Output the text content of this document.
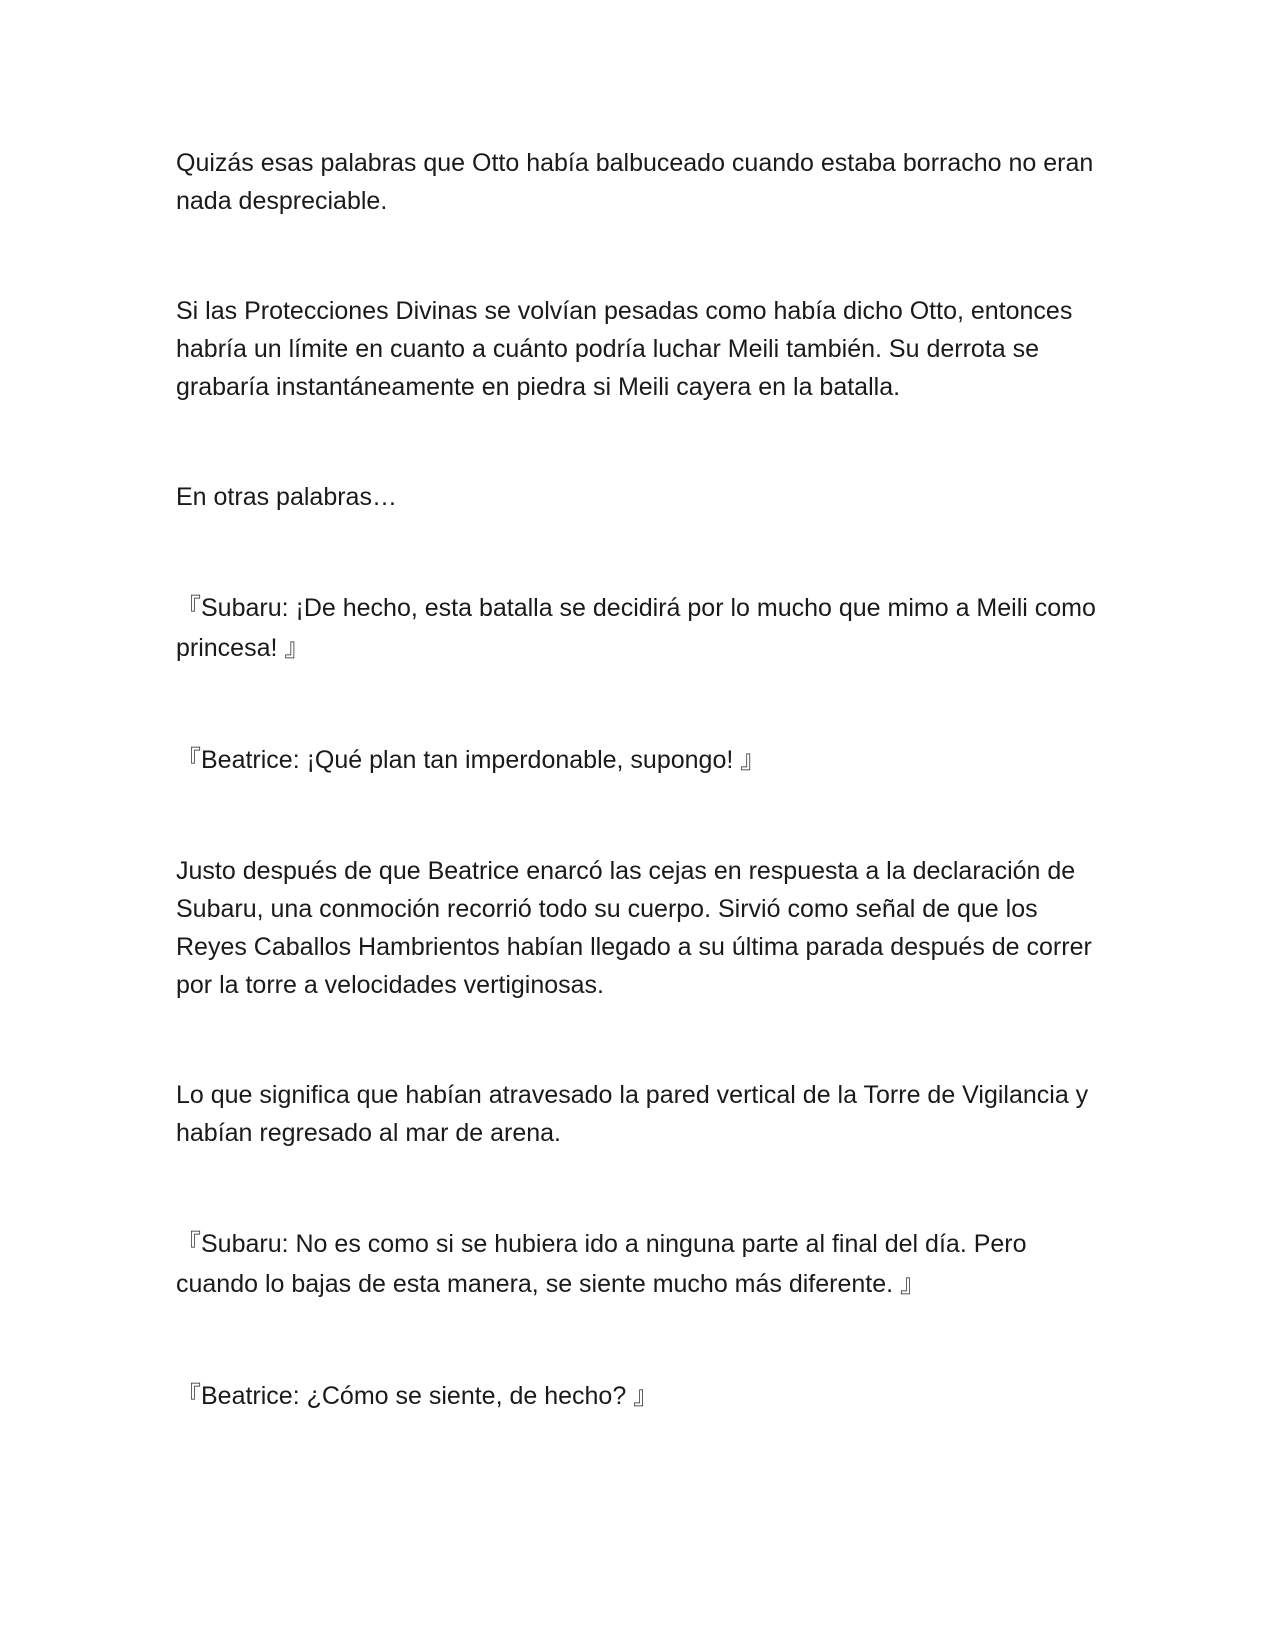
Quizás esas palabras que Otto había balbuceado cuando estaba borracho no eran nada despreciable.

Si las Protecciones Divinas se volvían pesadas como había dicho Otto, entonces habría un límite en cuanto a cuánto podría luchar Meili también. Su derrota se grabaría instantáneamente en piedra si Meili cayera en la batalla.

En otras palabras…

『Subaru: ¡De hecho, esta batalla se decidirá por lo mucho que mimo a Meili como princesa! 』

『Beatrice: ¡Qué plan tan imperdonable, supongo! 』

Justo después de que Beatrice enarcó las cejas en respuesta a la declaración de Subaru, una conmoción recorrió todo su cuerpo. Sirvió como señal de que los Reyes Caballos Hambrientos habían llegado a su última parada después de correr por la torre a velocidades vertiginosas.

Lo que significa que habían atravesado la pared vertical de la Torre de Vigilancia y habían regresado al mar de arena.

『Subaru: No es como si se hubiera ido a ninguna parte al final del día. Pero cuando lo bajas de esta manera, se siente mucho más diferente. 』

『Beatrice: ¿Cómo se siente, de hecho? 』
